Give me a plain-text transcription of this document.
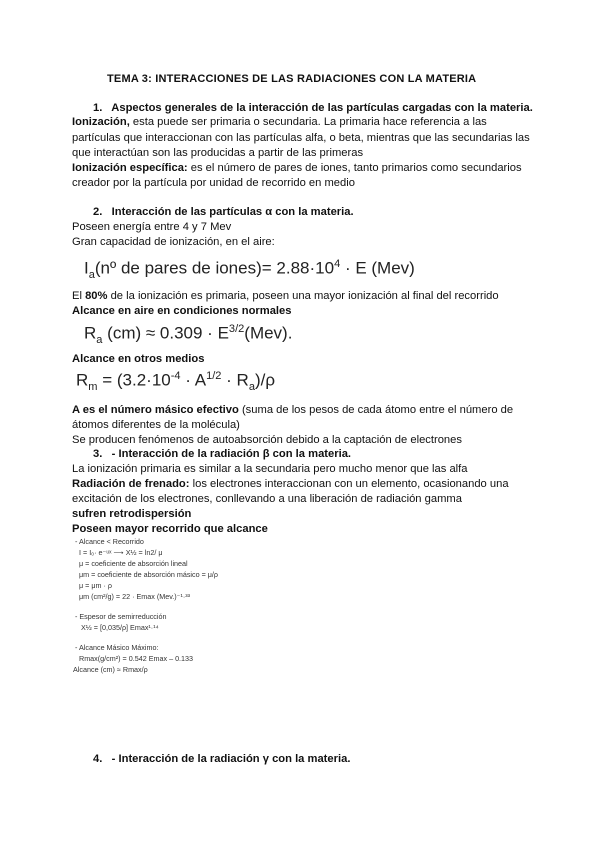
TEMA 3: INTERACCIONES DE LAS RADIACIONES CON LA MATERIA
1. Aspectos generales de la interacción de las partículas cargadas con la materia.
Ionización, esta puede ser primaria o secundaria. La primaria hace referencia a las
partículas que interaccionan con las partículas alfa, o beta, mientras que las secundarias las
que interactúan son las producidas a partir de las primeras
Ionización específica: es el número de pares de iones, tanto primarios como secundarios
creador por la partícula por unidad de recorrido en medio
2. Interacción de las partículas α con la materia.
Poseen energía entre 4 y 7 Mev
Gran capacidad de ionización, en el aire:
$I_a(nº$ de pares de iones)= $2.88\cdot 10^4 \cdot E$ (Mev)
El 80% de la ionización es primaria, poseen una mayor ionización al final del recorrido
Alcance en aire en condiciones normales
$R_a$ $(cm) \approx 0.309 \cdot E^{3/2}(Mev)$.
Alcance en otros medios
$R_m = (3.2\cdot 10^{-4} \cdot A^{1/2} \cdot R_a)/\rho$
A es el número másico efectivo (suma de los pesos de cada átomo entre el número de
átomos diferentes de la molécula)
Se producen fenómenos de autoabsorción debido a la captación de electrones
3. - Interacción de la radiación β con la materia.
La ionización primaria es similar a la secundaria pero mucho menor que las alfa
Radiación de frenado: los electrones interaccionan con un elemento, ocasionando una
excitación de los electrones, conllevando a una liberación de radiación gamma
sufren retrodispersión
Poseen mayor recorrido que alcance
- Alcance < Recorrido
I = I₀· e⁻ᵘˣ ⟶ X½ = ln2/ μ
μ = coeficiente de absorción lineal
μm = coeficiente de absorción másico = μ/ρ
μ = μm · ρ
μm (cm²/g) = 22 · Emax (Mev.)⁻¹·³³
- Espesor de semirreducción
X½ = [0,035/ρ] Emax¹·¹⁴
- Alcance Másico Máximo:
Rmax(g/cm²) = 0.542 Emax – 0.133
Alcance (cm) ≈ Rmax/ρ
4. - Interacción de la radiación γ con la materia.
